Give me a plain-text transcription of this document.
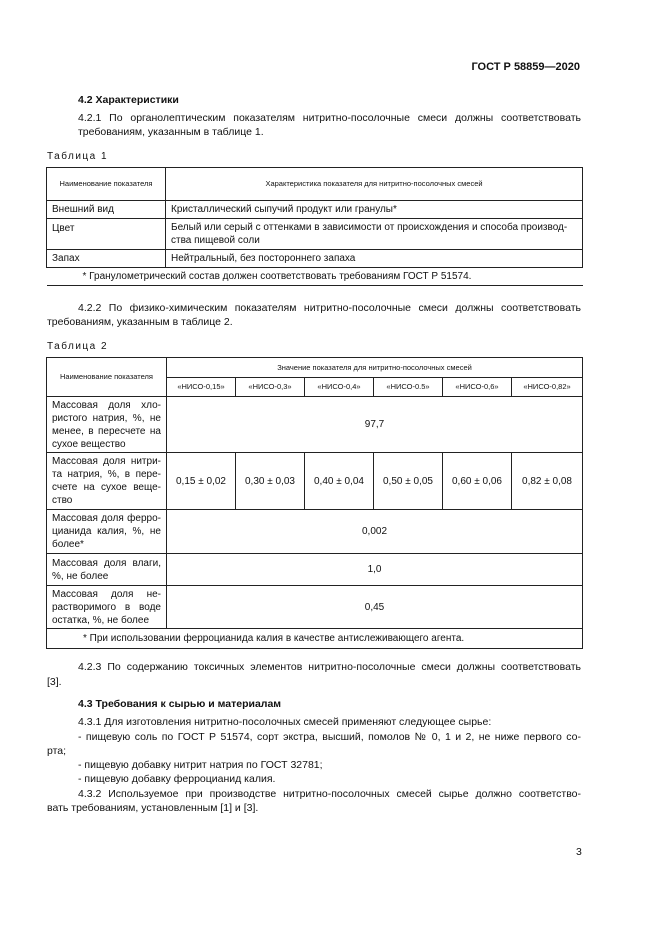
ГОСТ Р 58859—2020
4.2 Характеристики
4.2.1 По органолептическим показателям нитритно-посолочные смеси должны соответствовать
требованиям, указанным в таблице 1.
Таблица 1
Наименование показателя	Характеристика показателя для нитритно-посолочных смесей
Внешний вид	Кристаллический сыпучий продукт или гранулы*
Цвет	Белый или серый с оттенками в зависимости от происхождения и способа производ-
ства пищевой соли

Запах	Нейтральный, без постороннего запаха
* Гранулометрический состав должен соответствовать требованиям ГОСТ Р 51574.	
4.2.2 По физико-химическим показателям нитритно-посолочные смеси должны соответствовать
требованиям, указанным в таблице 2.
Таблица 2
Наименование показателя	Значение показателя для нитритно-посолочных смесей					
	«НИСО-0,15»	«НИСО-0,3»	«НИСО-0,4»	«НИСО-0.5»	«НИСО-0,6»	«НИСО-0,82»

Массовая доля хло-
ристого натрия, %, не
менее, в пересчете на
сухое вещество	97,7					

Массовая доля нитри-
та натрия, %, в пере-
счете на сухое веще-
ство	0,15 ± 0,02	0,30 ± 0,03	0,40 ± 0,04	0,50 ± 0,05	0,60 ± 0,06	0,82 ± 0,08

Массовая доля ферро-
цианида калия, %, не
более*	0,002					

Массовая доля влаги,
%, не более	1,0					

Массовая доля не-
растворимого в воде
остатка, %, не более	0,45					
* При использовании ферроцианида калия в качестве антислеживающего агента.						
4.2.3 По содержанию токсичных элементов нитритно-посолочные смеси должны соответствовать
[3].
4.3 Требования к сырью и материалам
4.3.1 Для изготовления нитритно-посолочных смесей применяют следующее сырье:
- пищевую соль по ГОСТ Р 51574, сорт экстра, высший, помолов № 0, 1 и 2, не ниже первого со-
рта;
- пищевую добавку нитрит натрия по ГОСТ 32781;
- пищевую добавку ферроцианид калия.
4.3.2 Используемое при производстве нитритно-посолочных смесей сырье должно соответство-
вать требованиям, установленным [1] и [3].
3
